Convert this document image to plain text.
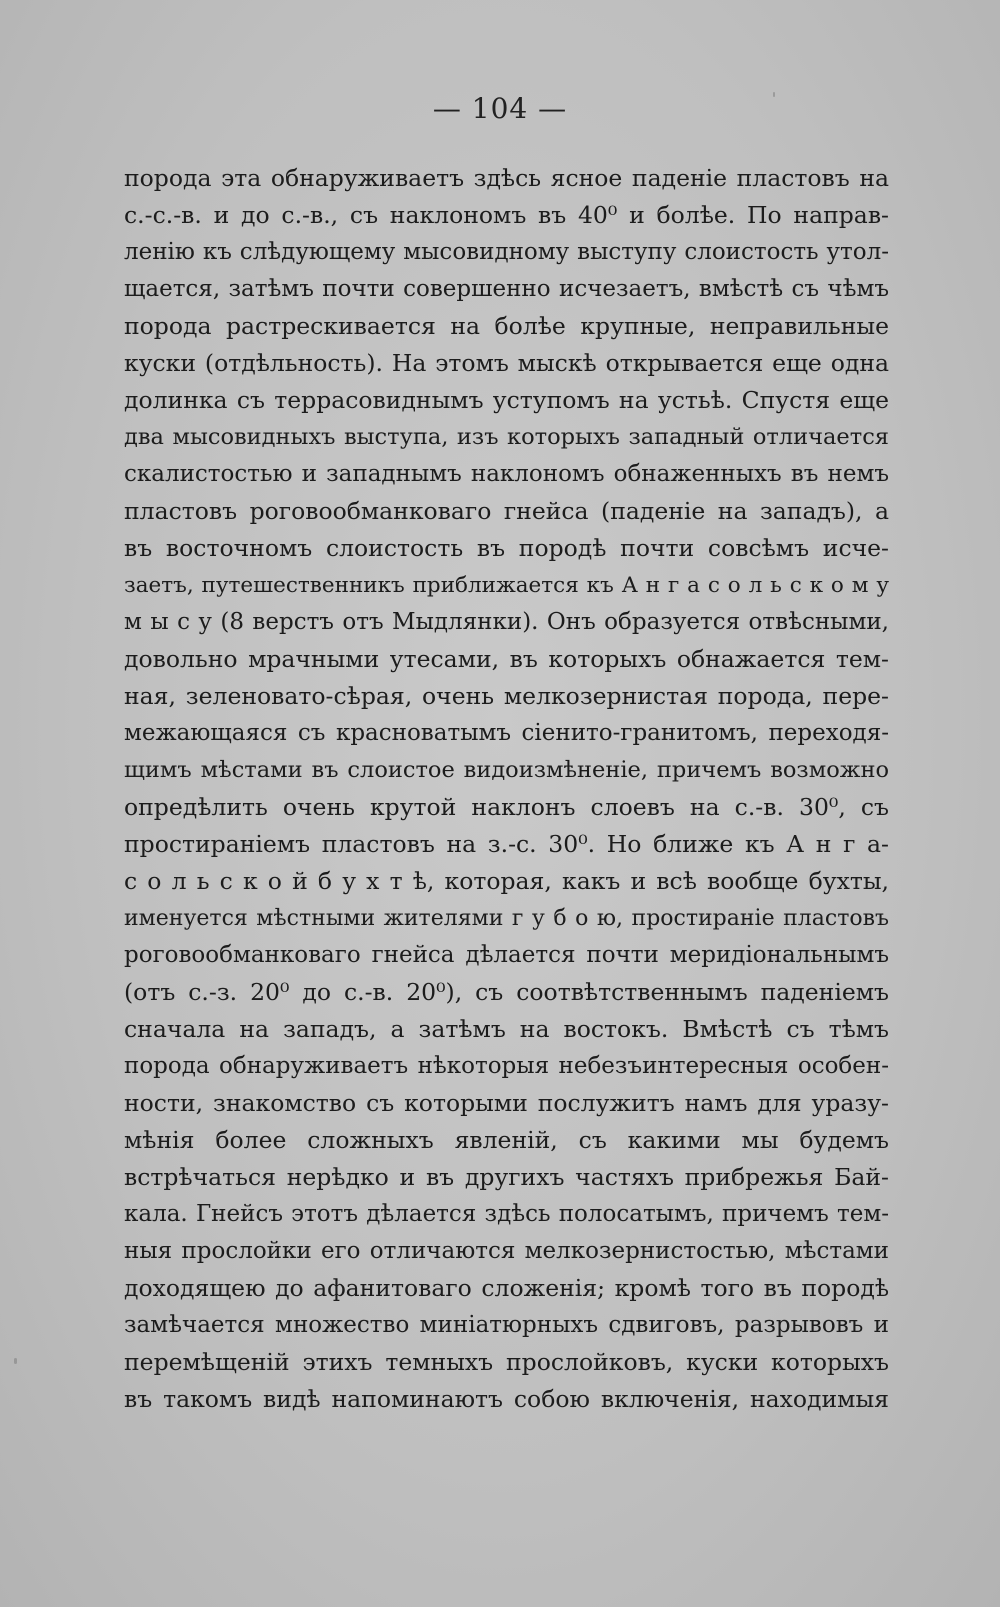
— 104 —
порода эта обнаруживаетъ здѣсь ясное паденіе пластовъ на
с.-с.-в. и до с.-в., съ наклономъ въ 40⁰ и болѣе. По направ-
ленію къ слѣдующему мысовидному выступу слоистость утол-
щается, затѣмъ почти совершенно исчезаетъ, вмѣстѣ съ чѣмъ
порода растрескивается на болѣе крупные, неправильные
куски (отдѣльность). На этомъ мыскѣ открывается еще одна
долинка съ террасовиднымъ уступомъ на устьѣ. Спустя еще
два мысовидныхъ выступа, изъ которыхъ западный отличается
скалистостью и западнымъ наклономъ обнаженныхъ въ немъ
пластовъ роговообманковаго гнейса (паденіе на западъ), а
въ восточномъ слоистость въ породѣ почти совсѣмъ исче-
заетъ, путешественникъ приближается къ А н г а с о л ь с к о м у
м ы с у (8 верстъ отъ Мыдлянки). Онъ образуется отвѣсными,
довольно мрачными утесами, въ которыхъ обнажается тем-
ная, зеленовато-сѣрая, очень мелкозернистая порода, пере-
межающаяся съ красноватымъ сіенито-гранитомъ, переходя-
щимъ мѣстами въ слоистое видоизмѣненіе, причемъ возможно
опредѣлить очень крутой наклонъ слоевъ на с.-в. 30⁰, съ
простираніемъ пластовъ на з.-с. 30⁰. Но ближе къ А н г а-
с о л ь с к о й б у х т ѣ, которая, какъ и всѣ вообще бухты,
именуется мѣстными жителями г у б о ю, простираніе пластовъ
роговообманковаго гнейса дѣлается почти меридіональнымъ
(отъ с.-з. 20⁰ до с.-в. 20⁰), съ соотвѣтственнымъ паденіемъ
сначала на западъ, а затѣмъ на востокъ. Вмѣстѣ съ тѣмъ
порода обнаруживаетъ нѣкоторыя небезъинтересныя особен-
ности, знакомство съ которыми послужитъ намъ для уразу-
мѣнія более сложныхъ явленій, съ какими мы будемъ
встрѣчаться нерѣдко и въ другихъ частяхъ прибрежья Бай-
кала. Гнейсъ этотъ дѣлается здѣсь полосатымъ, причемъ тем-
ныя прослойки его отличаются мелкозернистостью, мѣстами
доходящею до афанитоваго сложенія; кромѣ того въ породѣ
замѣчается множество миніатюрныхъ сдвиговъ, разрывовъ и
перемѣщеній этихъ темныхъ прослойковъ, куски которыхъ
въ такомъ видѣ напоминаютъ собою включенія, находимыя
